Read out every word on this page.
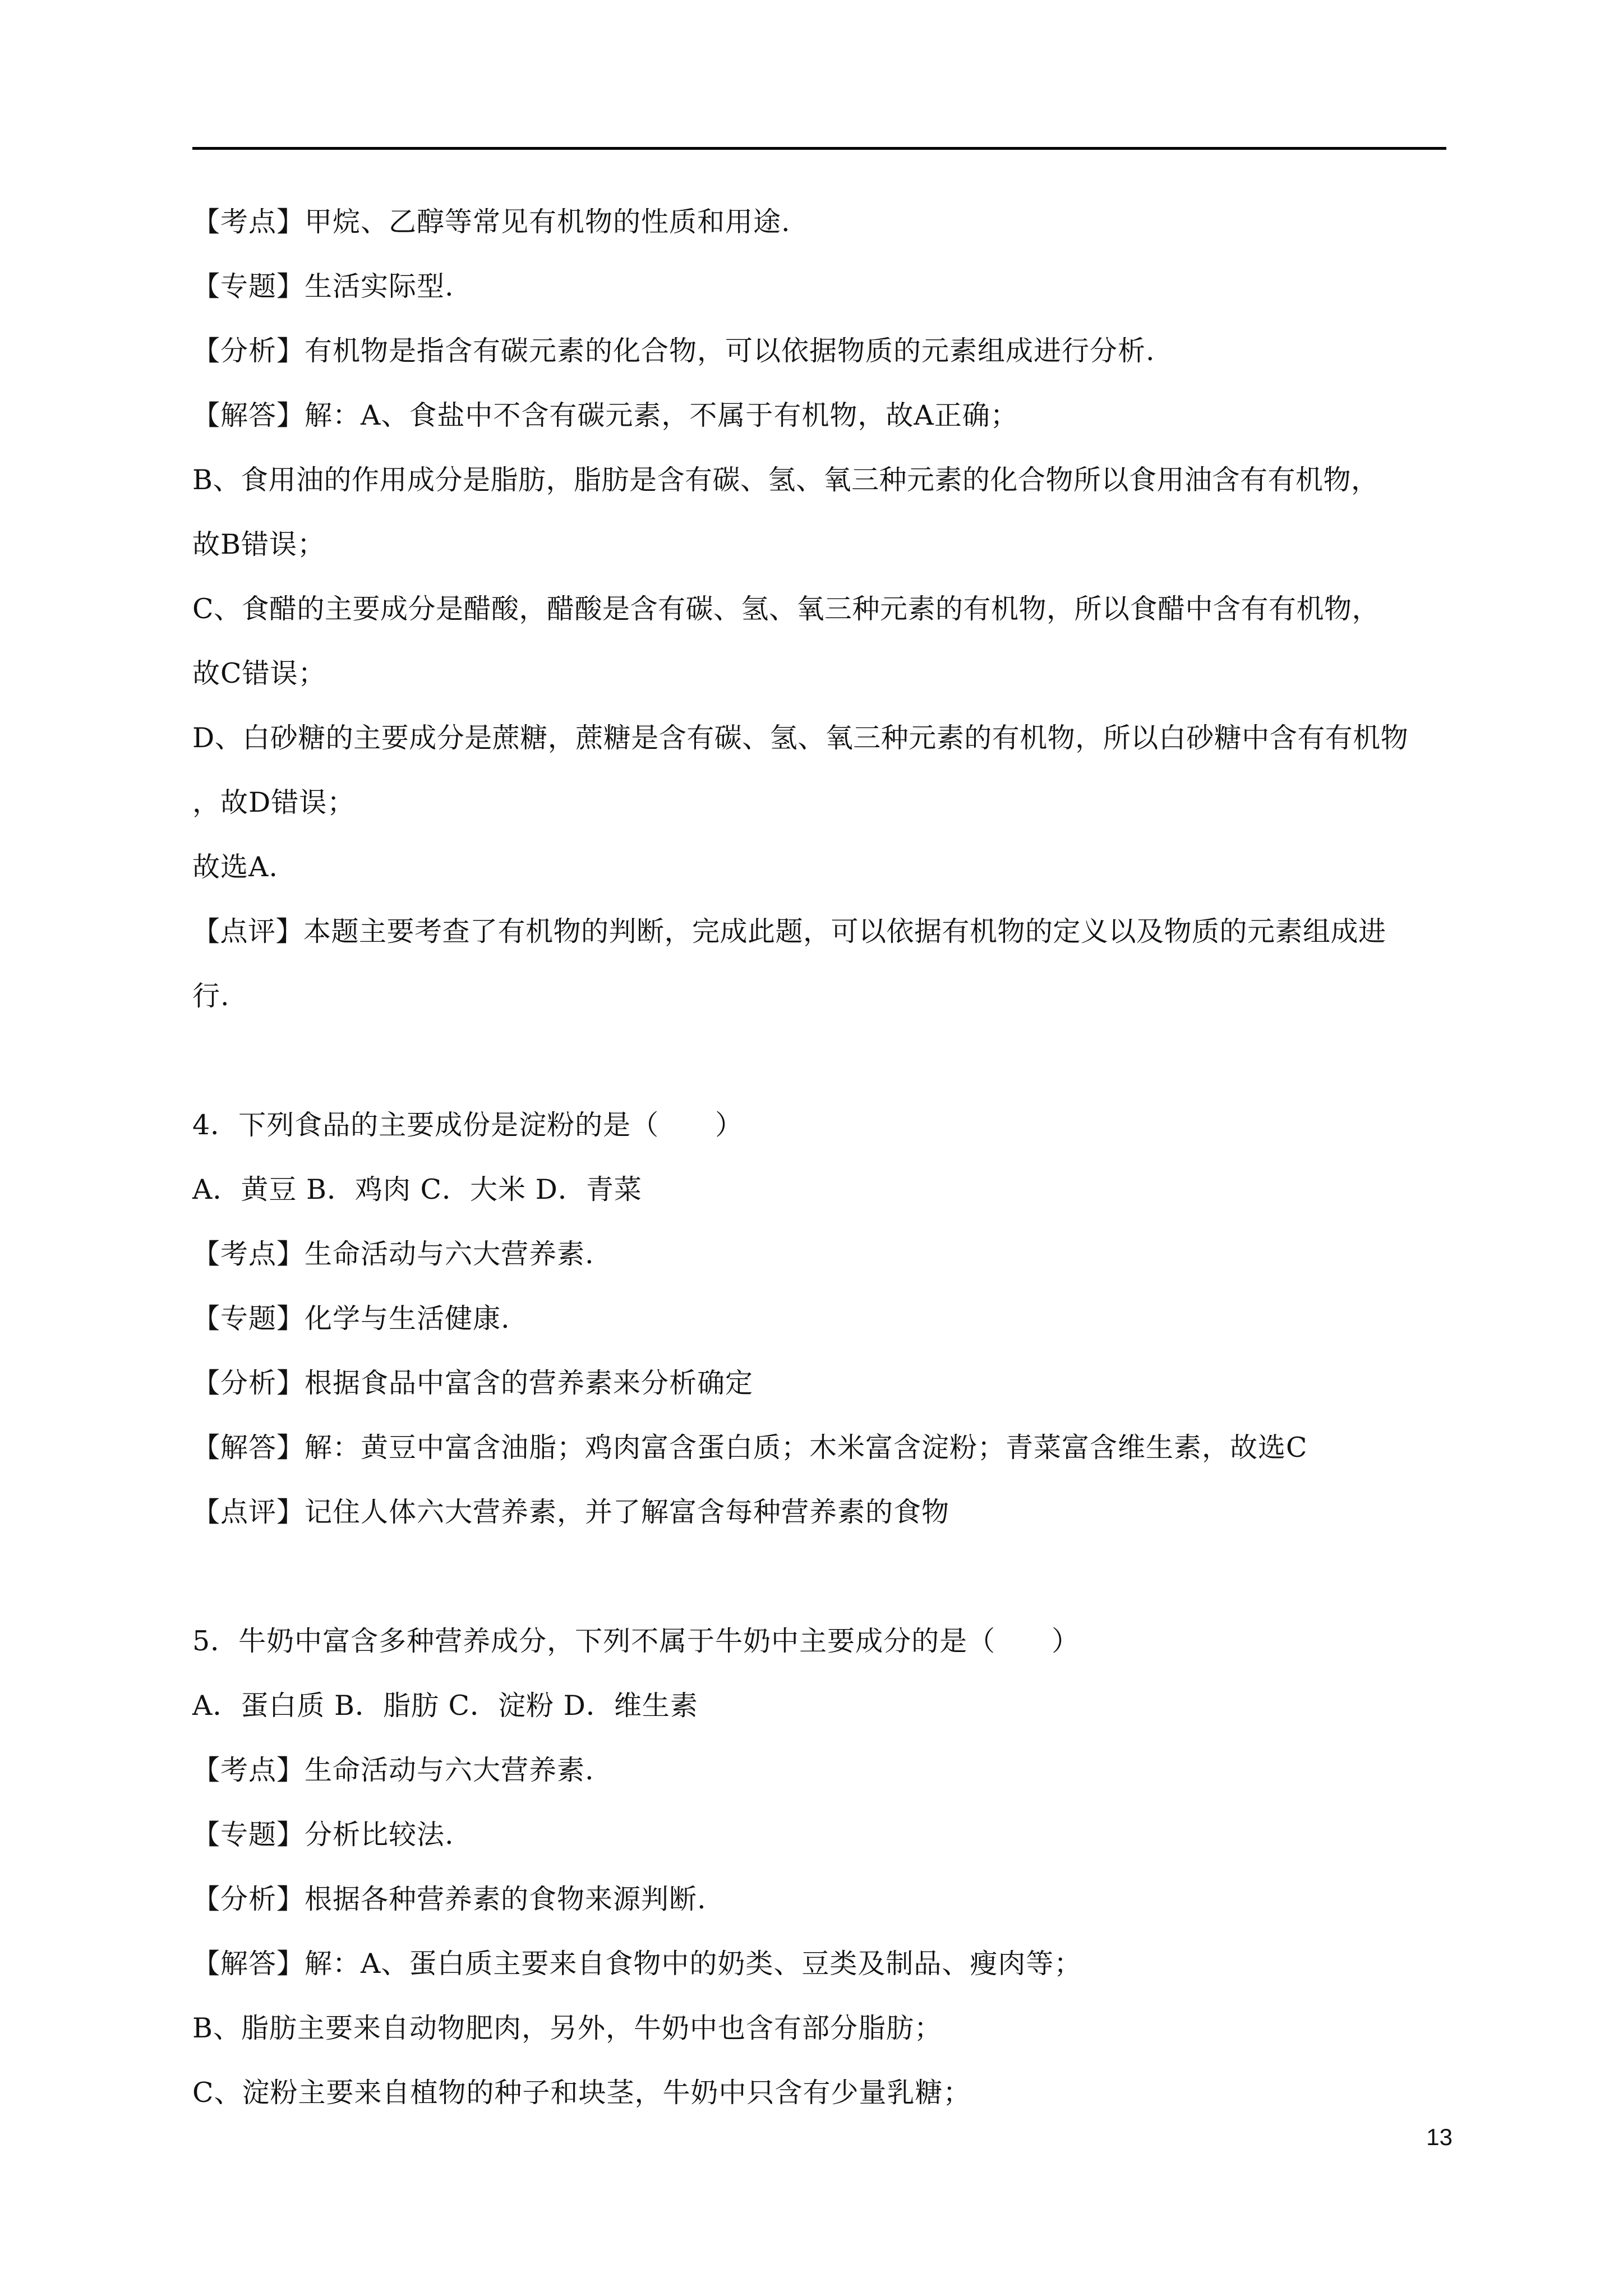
【考点】甲烷、乙醇等常见有机物的性质和用途.
【专题】生活实际型.
【分析】有机物是指含有碳元素的化合物，可以依据物质的元素组成进行分析.
【解答】解：A、食盐中不含有碳元素，不属于有机物，故A正确；
B、食用油的作用成分是脂肪，脂肪是含有碳、氢、氧三种元素的化合物所以食用油含有有机物，
故B错误；
C、食醋的主要成分是醋酸，醋酸是含有碳、氢、氧三种元素的有机物，所以食醋中含有有机物，
故C错误；
D、白砂糖的主要成分是蔗糖，蔗糖是含有碳、氢、氧三种元素的有机物，所以白砂糖中含有有机物
，故D错误；
故选A.
【点评】本题主要考查了有机物的判断，完成此题，可以依据有机物的定义以及物质的元素组成进
行.
4．下列食品的主要成份是淀粉的是（　　）
A．黄豆 B．鸡肉 C．大米 D．青菜
【考点】生命活动与六大营养素.
【专题】化学与生活健康.
【分析】根据食品中富含的营养素来分析确定
【解答】解：黄豆中富含油脂；鸡肉富含蛋白质；木米富含淀粉；青菜富含维生素，故选C
【点评】记住人体六大营养素，并了解富含每种营养素的食物
5．牛奶中富含多种营养成分，下列不属于牛奶中主要成分的是（　　）
A．蛋白质 B．脂肪 C．淀粉 D．维生素
【考点】生命活动与六大营养素.
【专题】分析比较法.
【分析】根据各种营养素的食物来源判断.
【解答】解：A、蛋白质主要来自食物中的奶类、豆类及制品、瘦肉等；
B、脂肪主要来自动物肥肉，另外，牛奶中也含有部分脂肪；
C、淀粉主要来自植物的种子和块茎，牛奶中只含有少量乳糖；
13
